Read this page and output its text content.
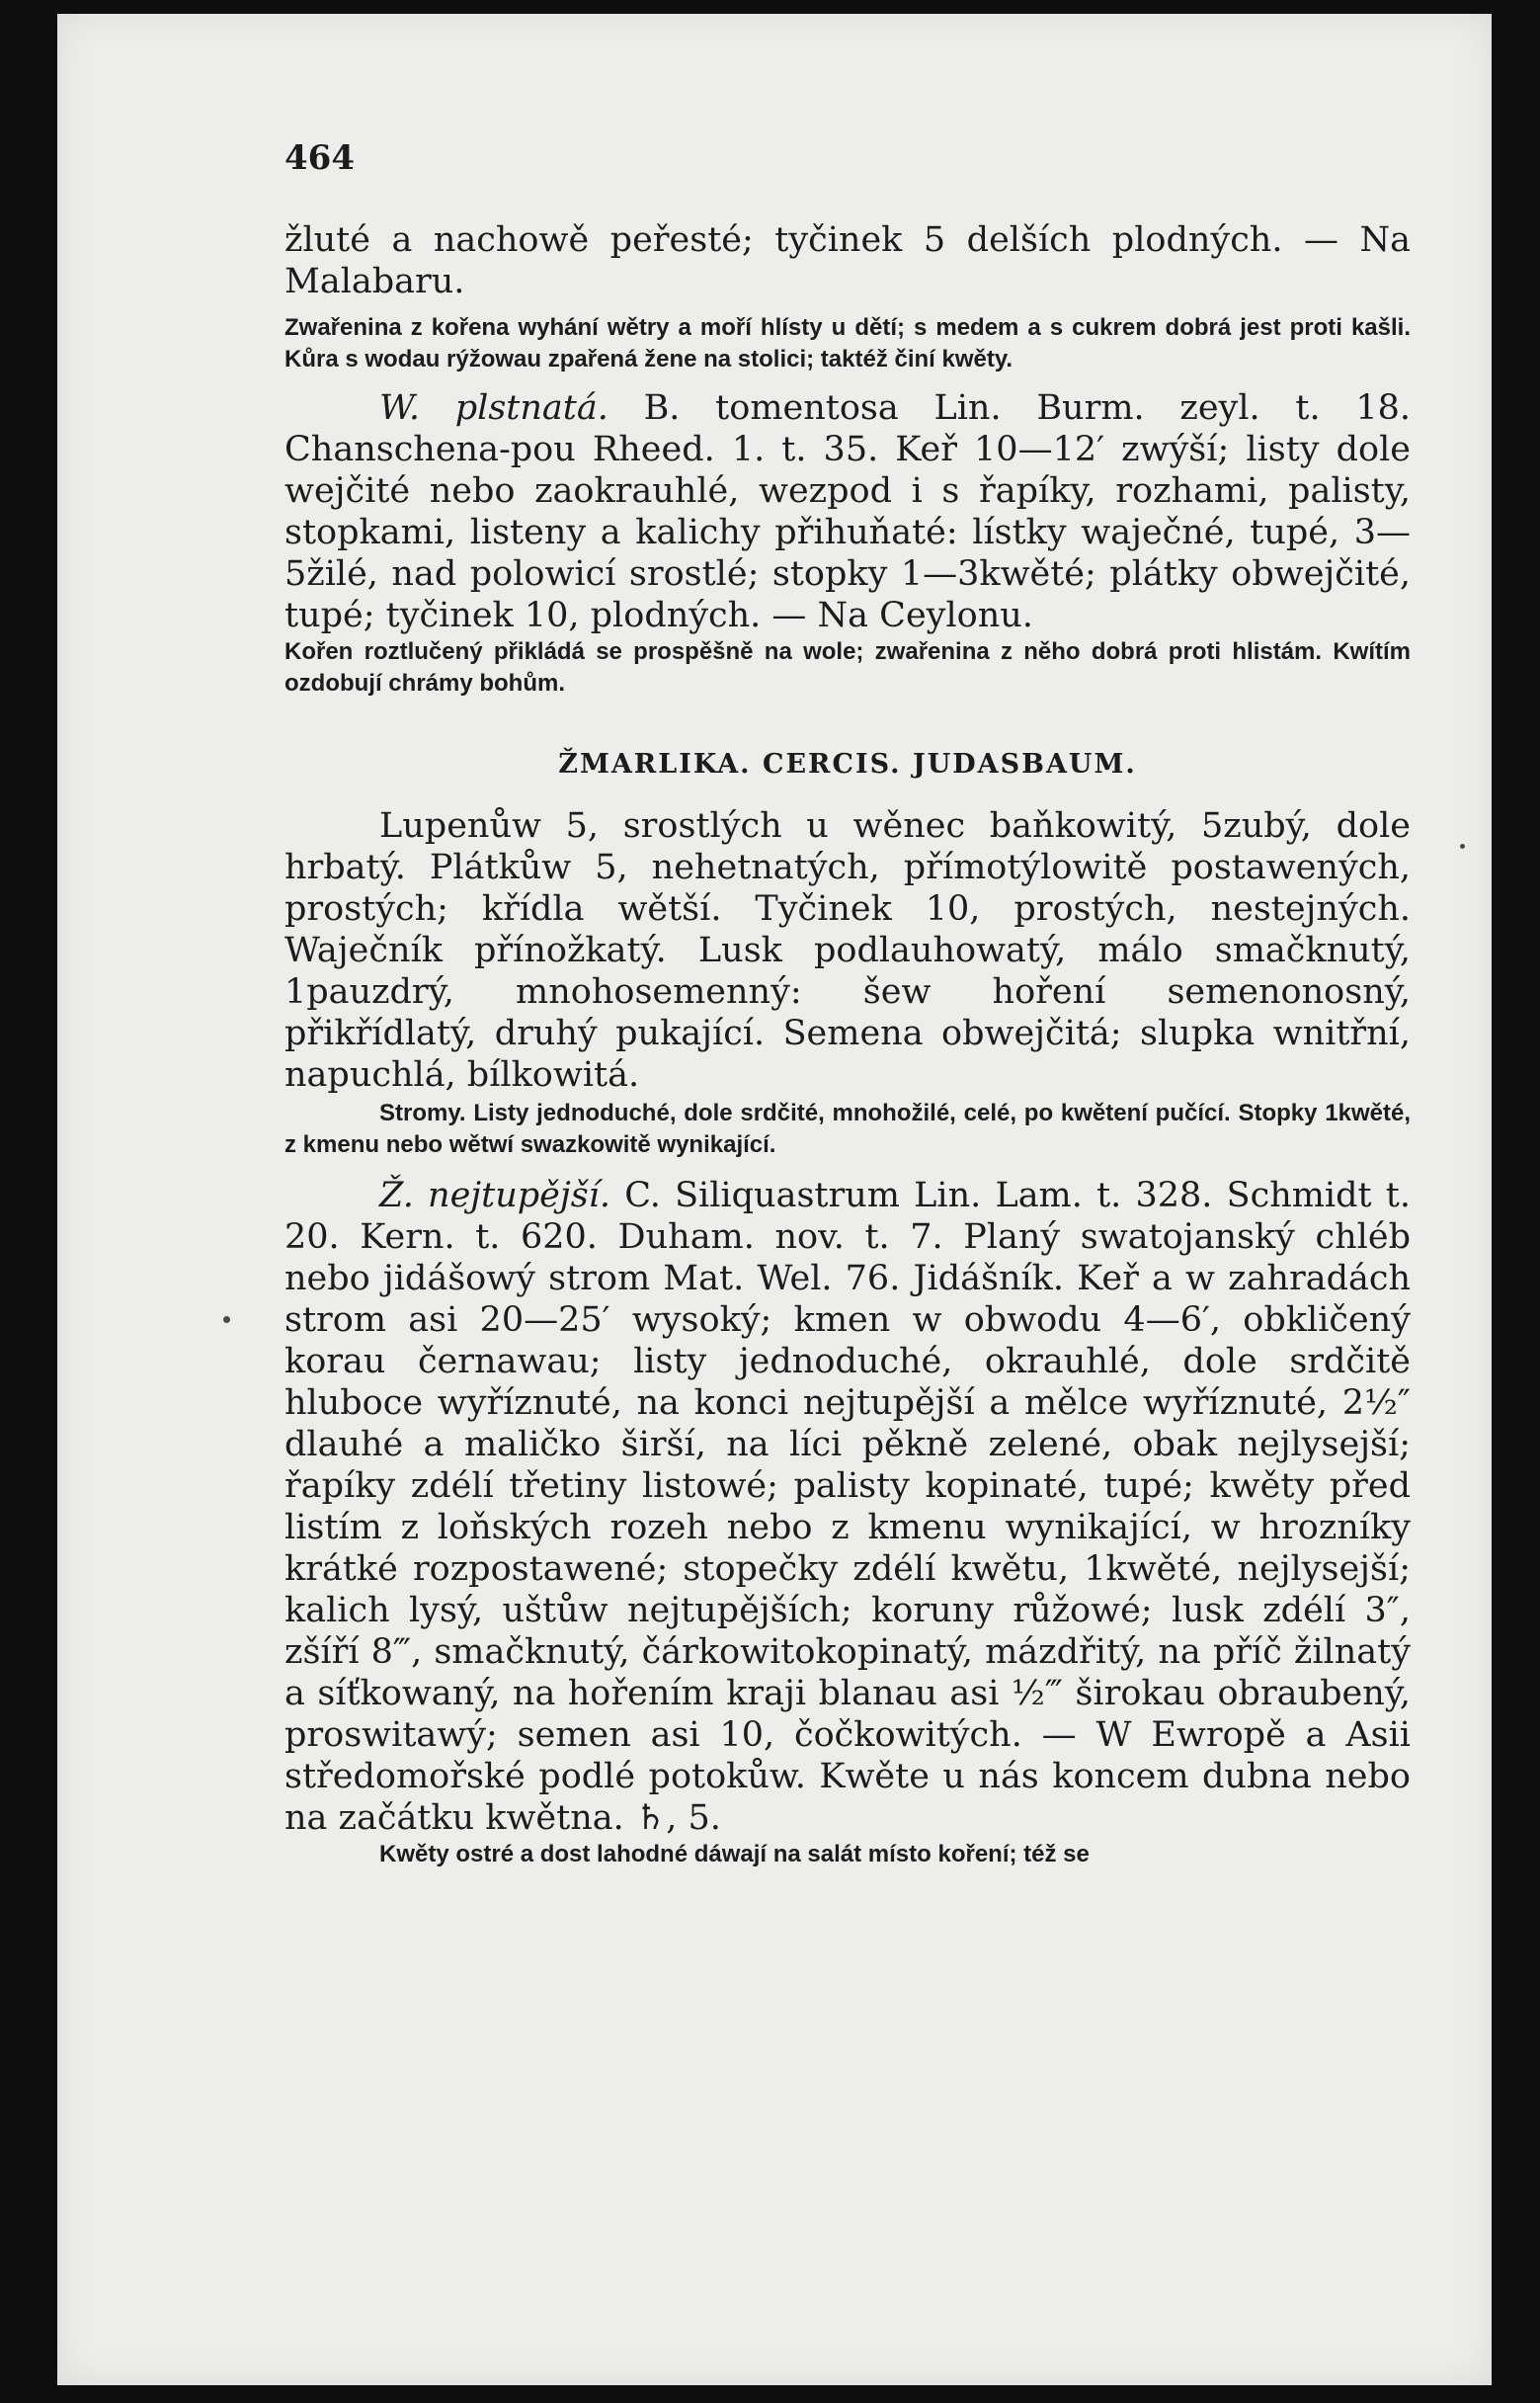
464

žluté a nachowě peřesté; tyčinek 5 delších plodných. — Na Malabaru.

Zwařenina z kořena wyhání wětry a moří hlísty u dětí; s medem a s cukrem dobrá jest proti kašli. Kůra s wodau rýžowau zpařená žene na stolici; taktéž činí kwěty.

W. plstnatá. B. tomentosa Lin. Burm. zeyl. t. 18. Chanschena-pou Rheed. 1. t. 35. Keř 10—12′ zwýší; listy dole wejčité nebo zaokrauhlé, wezpod i s řapíky, rozhami, palisty, stopkami, listeny a kalichy přihuňaté: lístky waječné, tupé, 3—5žilé, nad polowicí srostlé; stopky 1—3kwěté; plátky obwejčité, tupé; tyčinek 10, plodných. — Na Ceylonu.

Kořen roztlučený přikládá se prospěšně na wole; zwařenina z něho dobrá proti hlistám. Kwítím ozdobují chrámy bohům.

ŽMARLIKA. CERCIS. JUDASBAUM.

Lupenůw 5, srostlých u wěnec baňkowitý, 5zubý, dole hrbatý. Plátkůw 5, nehetnatých, přímotýlowitě postawených, prostých; křídla wětší. Tyčinek 10, prostých, nestejných. Waječník přínožkatý. Lusk podlauhowatý, málo smačknutý, 1pauzdrý, mnohosemenný: šew hoření semenonosný, přikřídlatý, druhý pukající. Semena obwejčitá; slupka wnitřní, napuchlá, bílkowitá.

Stromy. Listy jednoduché, dole srdčité, mnohožilé, celé, po kwětení pučící. Stopky 1kwěté, z kmenu nebo wětwí swazkowitě wynikající.

Ž. nejtupější. C. Siliquastrum Lin. Lam. t. 328. Schmidt t. 20. Kern. t. 620. Duham. nov. t. 7. Planý swatojanský chléb nebo jidášowý strom Mat. Wel. 76. Jidášník. Keř a w zahradách strom asi 20—25′ wysoký; kmen w obwodu 4—6′, obkličený korau černawau; listy jednoduché, okrauhlé, dole srdčitě hluboce wyříznuté, na konci nejtupější a mělce wyříznuté, 2½″ dlauhé a maličko širší, na líci pěkně zelené, obak nejlysejší; řapíky zdélí třetiny listowé; palisty kopinaté, tupé; kwěty před listím z loňských rozeh nebo z kmenu wynikající, w hrozníky krátké rozpostawené; stopečky zdélí kwětu, 1kwěté, nejlysejší; kalich lysý, uštůw nejtupějších; koruny růžowé; lusk zdélí 3″, zšíří 8‴, smačknutý, čárkowitokopinatý, mázdřitý, na příč žilnatý a síťkowaný, na hořením kraji blanau asi ½‴ širokau obraubený, proswitawý; semen asi 10, čočkowitých. — W Ewropě a Asii středomořské podlé potokůw. Kwěte u nás koncem dubna nebo na začátku kwětna. ♄, 5.

Kwěty ostré a dost lahodné dáwají na salát místo koření; též se
